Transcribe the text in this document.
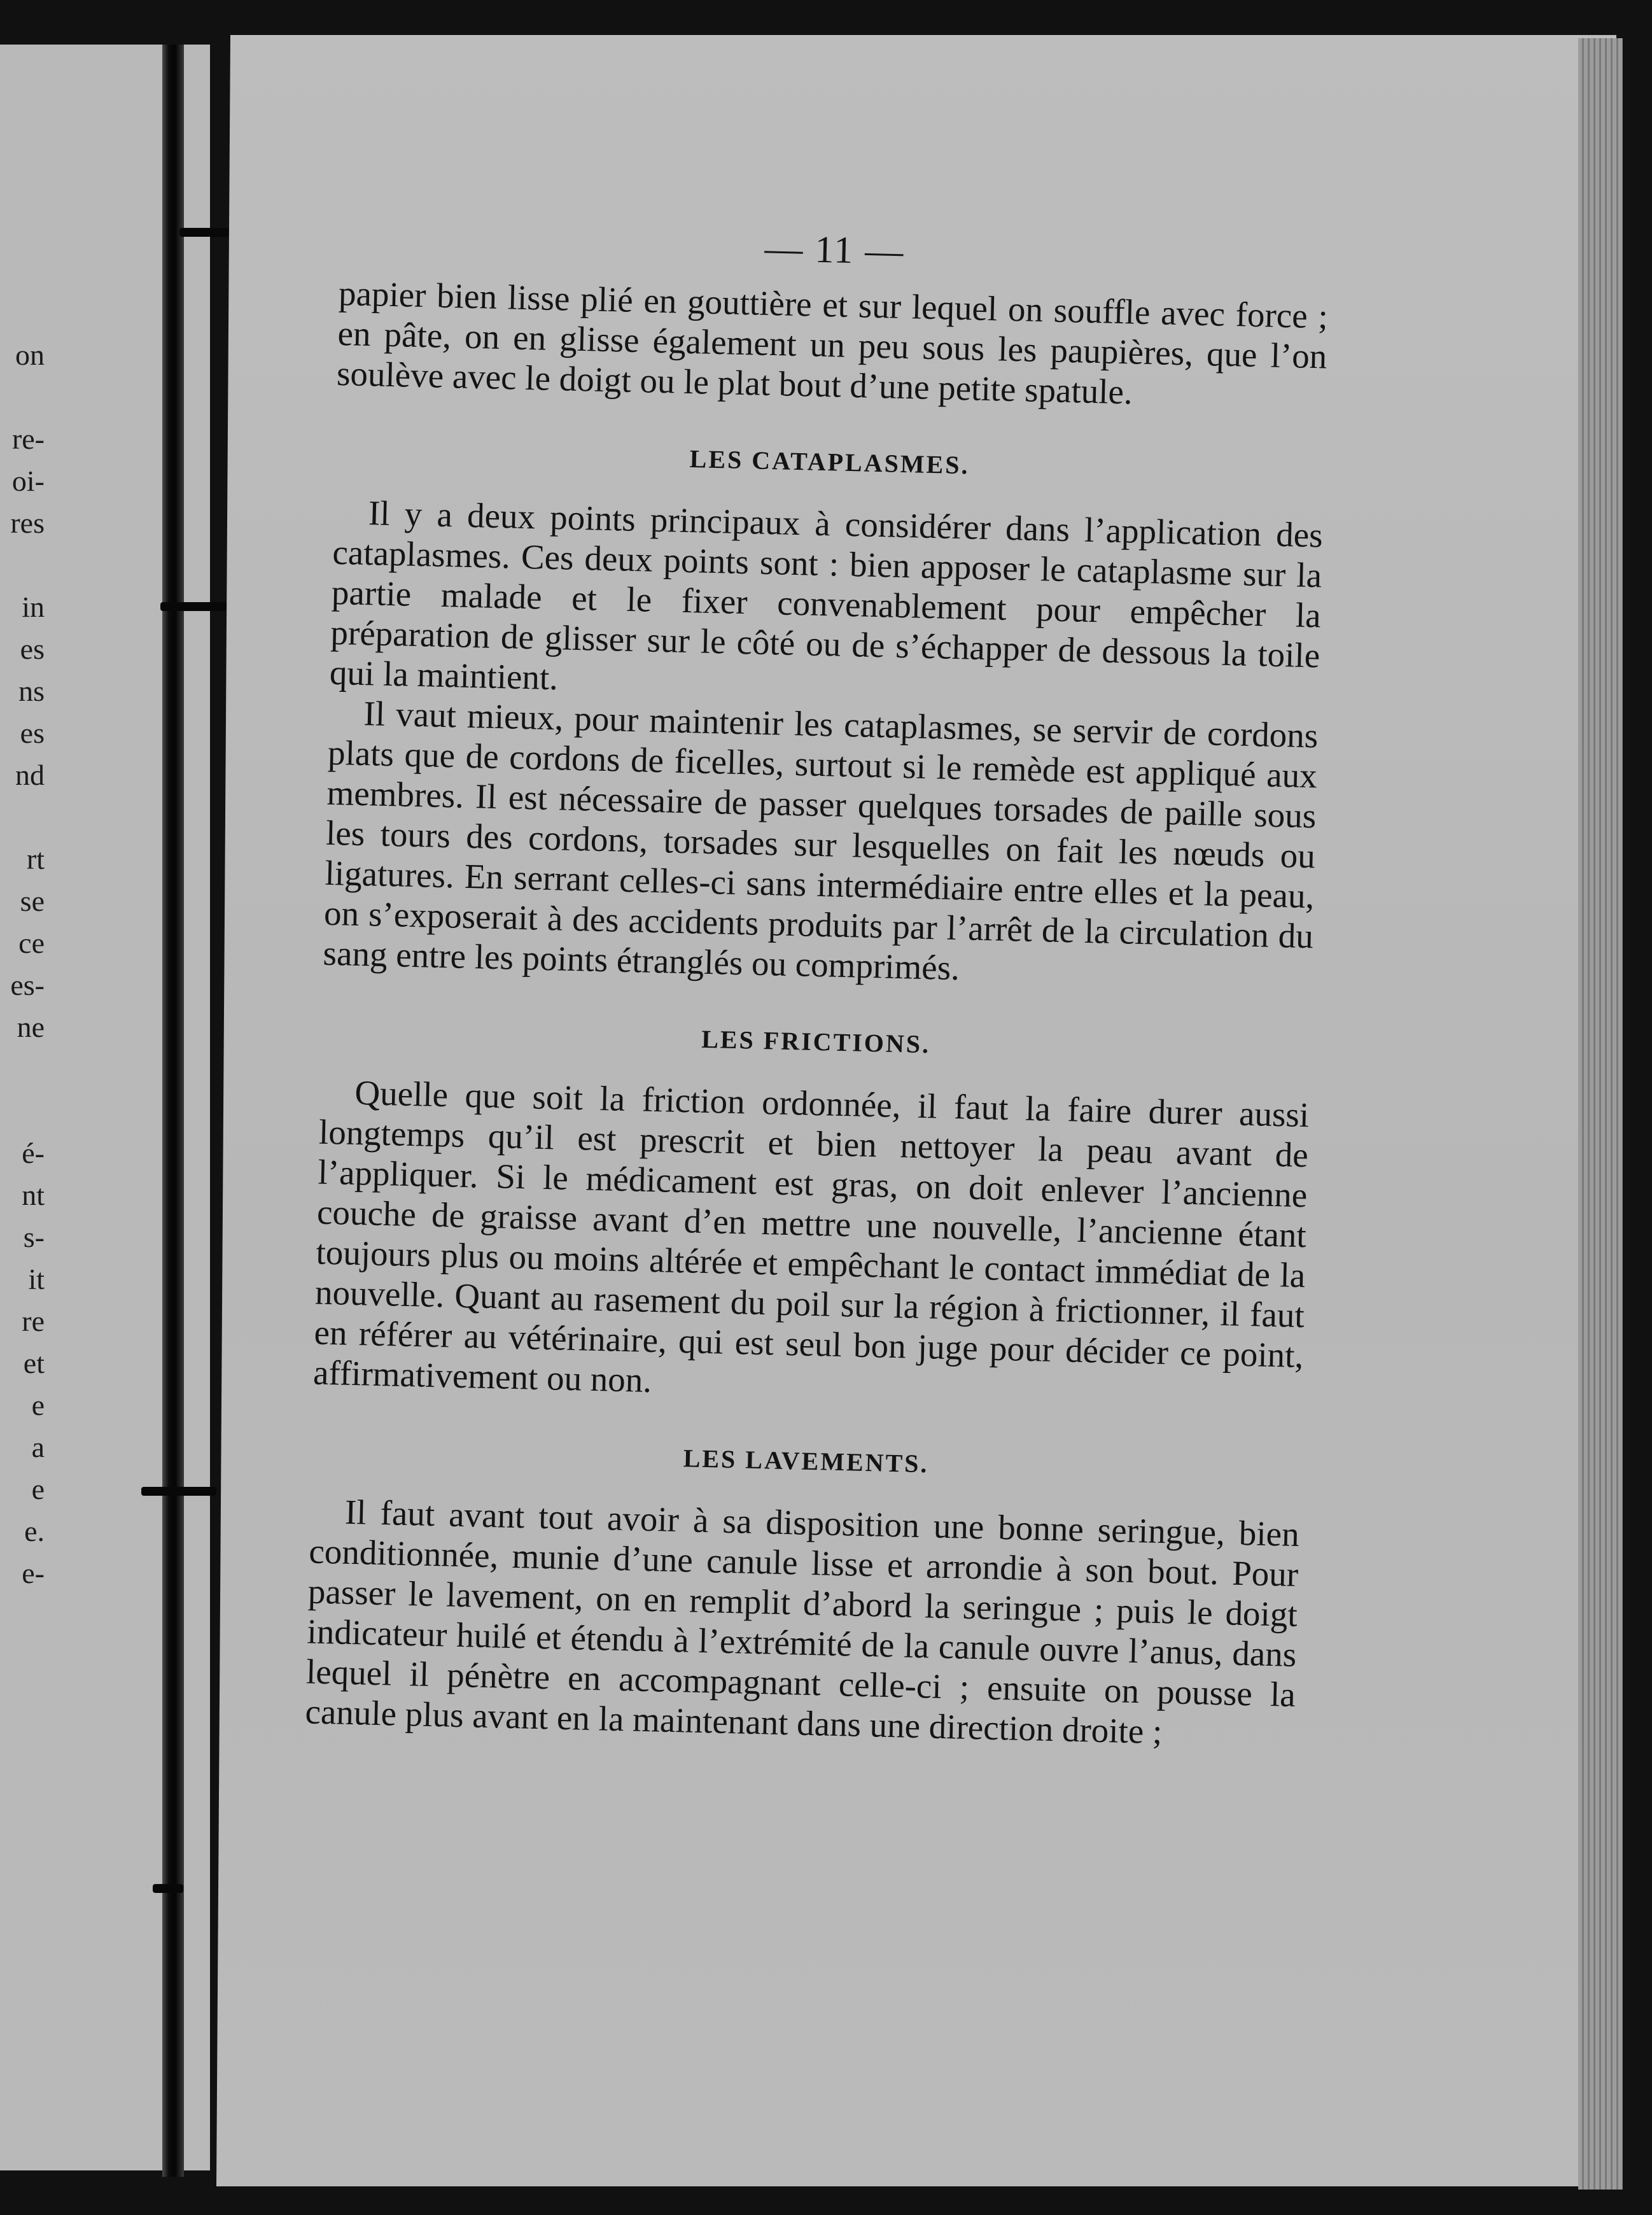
on
re-
oi-
res
in
es
ns
es
nd
rt
se
ce
es-
ne
é-
nt
s-
it
re
et
e
a
e
e.
e-
— 11 —

papier bien lisse plié en gouttière et sur lequel on souffle avec force ; en pâte, on en glisse également un peu sous les paupières, que l’on soulève avec le doigt ou le plat bout d’une petite spatule.

LES CATAPLASMES.

Il y a deux points principaux à considérer dans l’application des cataplasmes. Ces deux points sont : bien apposer le cataplasme sur la partie malade et le fixer convenablement pour empêcher la préparation de glisser sur le côté ou de s’échapper de dessous la toile qui la maintient.

Il vaut mieux, pour maintenir les cataplasmes, se servir de cordons plats que de cordons de ficelles, surtout si le remède est appliqué aux membres. Il est nécessaire de passer quelques torsades de paille sous les tours des cordons, torsades sur lesquelles on fait les nœuds ou ligatures. En serrant celles-ci sans intermédiaire entre elles et la peau, on s’exposerait à des accidents produits par l’arrêt de la circulation du sang entre les points étranglés ou comprimés.

LES FRICTIONS.

Quelle que soit la friction ordonnée, il faut la faire durer aussi longtemps qu’il est prescrit et bien nettoyer la peau avant de l’appliquer. Si le médicament est gras, on doit enlever l’ancienne couche de graisse avant d’en mettre une nouvelle, l’ancienne étant toujours plus ou moins altérée et empêchant le contact immédiat de la nouvelle. Quant au rasement du poil sur la région à frictionner, il faut en référer au vétérinaire, qui est seul bon juge pour décider ce point, affirmativement ou non.

LES LAVEMENTS.

Il faut avant tout avoir à sa disposition une bonne seringue, bien conditionnée, munie d’une canule lisse et arrondie à son bout. Pour passer le lavement, on en remplit d’abord la seringue ; puis le doigt indicateur huilé et étendu à l’extrémité de la canule ouvre l’anus, dans lequel il pénètre en accompagnant celle-ci ; ensuite on pousse la canule plus avant en la maintenant dans une direction droite ;
